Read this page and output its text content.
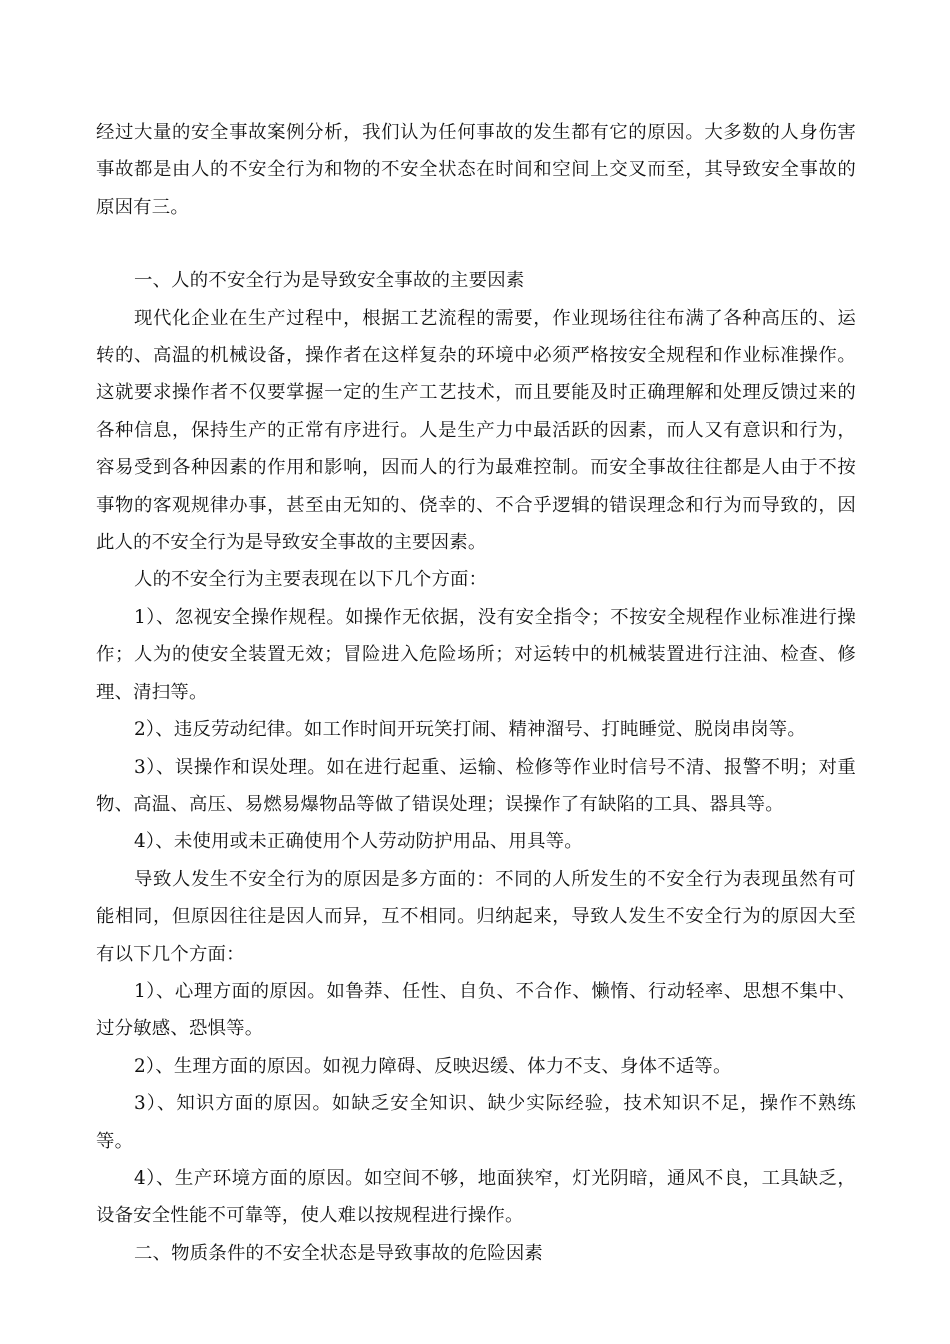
经过大量的安全事故案例分析，我们认为任何事故的发生都有它的原因。大多数的人身伤害事故都是由人的不安全行为和物的不安全状态在时间和空间上交叉而至，其导致安全事故的原因有三。

一、人的不安全行为是导致安全事故的主要因素

现代化企业在生产过程中，根据工艺流程的需要，作业现场往往布满了各种高压的、运转的、高温的机械设备，操作者在这样复杂的环境中必须严格按安全规程和作业标准操作。这就要求操作者不仅要掌握一定的生产工艺技术，而且要能及时正确理解和处理反馈过来的各种信息，保持生产的正常有序进行。人是生产力中最活跃的因素，而人又有意识和行为，容易受到各种因素的作用和影响，因而人的行为最难控制。而安全事故往往都是人由于不按事物的客观规律办事，甚至由无知的、侥幸的、不合乎逻辑的错误理念和行为而导致的，因此人的不安全行为是导致安全事故的主要因素。

人的不安全行为主要表现在以下几个方面：

1）、忽视安全操作规程。如操作无依据，没有安全指令；不按安全规程作业标准进行操作；人为的使安全装置无效；冒险进入危险场所；对运转中的机械装置进行注油、检查、修理、清扫等。

2）、违反劳动纪律。如工作时间开玩笑打闹、精神溜号、打盹睡觉、脱岗串岗等。

3）、误操作和误处理。如在进行起重、运输、检修等作业时信号不清、报警不明；对重物、高温、高压、易燃易爆物品等做了错误处理；误操作了有缺陷的工具、器具等。

4）、未使用或未正确使用个人劳动防护用品、用具等。

导致人发生不安全行为的原因是多方面的：不同的人所发生的不安全行为表现虽然有可能相同，但原因往往是因人而异，互不相同。归纳起来，导致人发生不安全行为的原因大至有以下几个方面：

1）、心理方面的原因。如鲁莽、任性、自负、不合作、懒惰、行动轻率、思想不集中、过分敏感、恐惧等。

2）、生理方面的原因。如视力障碍、反映迟缓、体力不支、身体不适等。

3）、知识方面的原因。如缺乏安全知识、缺少实际经验，技术知识不足，操作不熟练等。

4）、生产环境方面的原因。如空间不够，地面狭窄，灯光阴暗，通风不良，工具缺乏，设备安全性能不可靠等，使人难以按规程进行操作。

二、物质条件的不安全状态是导致事故的危险因素
